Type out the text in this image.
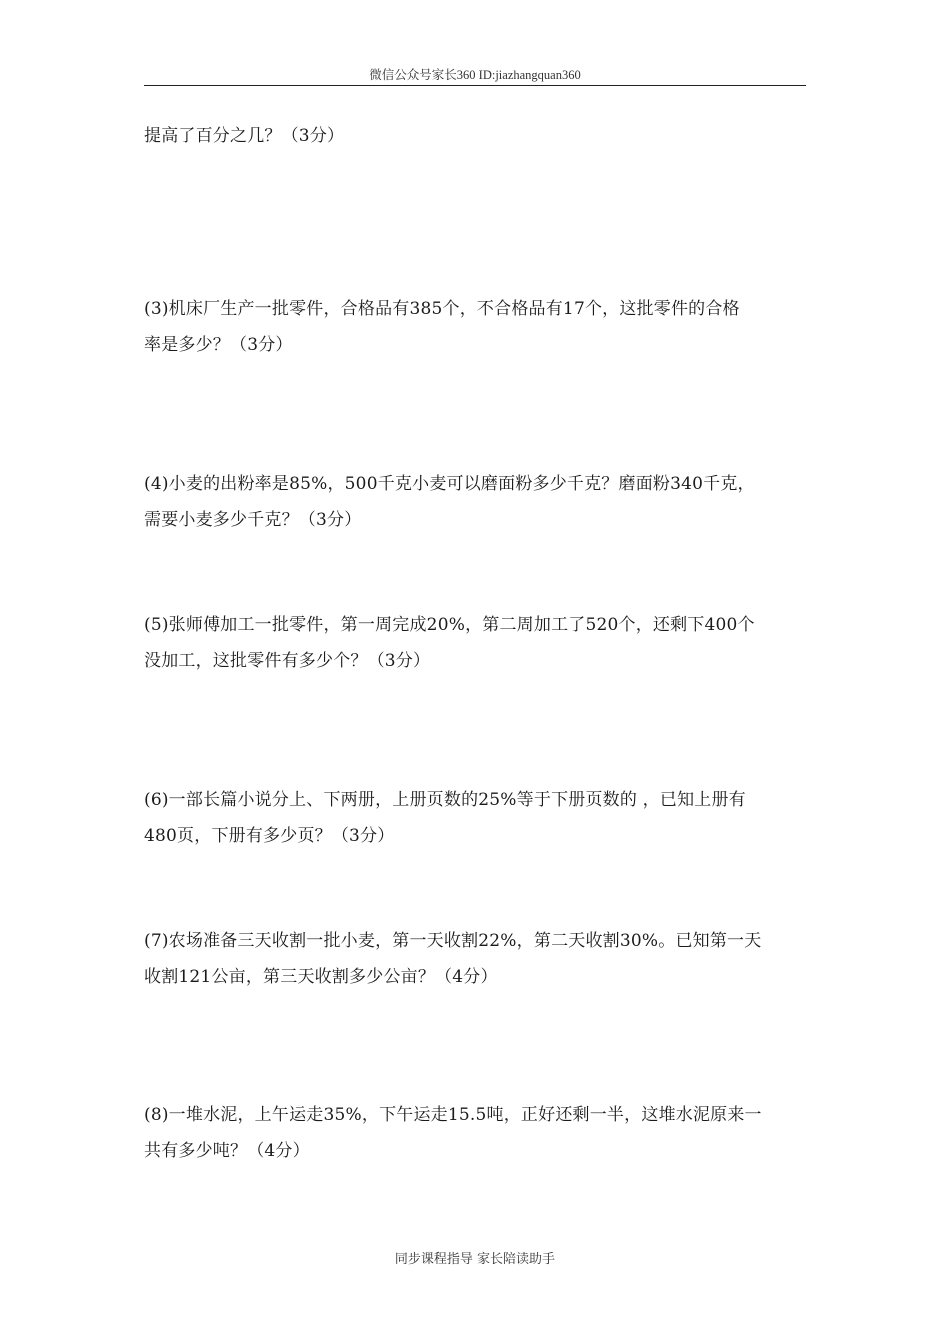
微信公众号家长360 ID:jiazhangquan360
提高了百分之几？（3分）
(3)机床厂生产一批零件，合格品有385个，不合格品有17个，这批零件的合格
率是多少？（3分）
(4)小麦的出粉率是85%，500千克小麦可以磨面粉多少千克？磨面粉340千克，
需要小麦多少千克？（3分）
(5)张师傅加工一批零件，第一周完成20%，第二周加工了520个，还剩下400个
没加工，这批零件有多少个？（3分）
(6)一部长篇小说分上、下两册，上册页数的25%等于下册页数的 ，已知上册有
480页，下册有多少页？（3分）
(7)农场准备三天收割一批小麦，第一天收割22%，第二天收割30%。已知第一天
收割121公亩，第三天收割多少公亩？（4分）
(8)一堆水泥，上午运走35%，下午运走15.5吨，正好还剩一半，这堆水泥原来一
共有多少吨？（4分）
同步课程指导 家长陪读助手
